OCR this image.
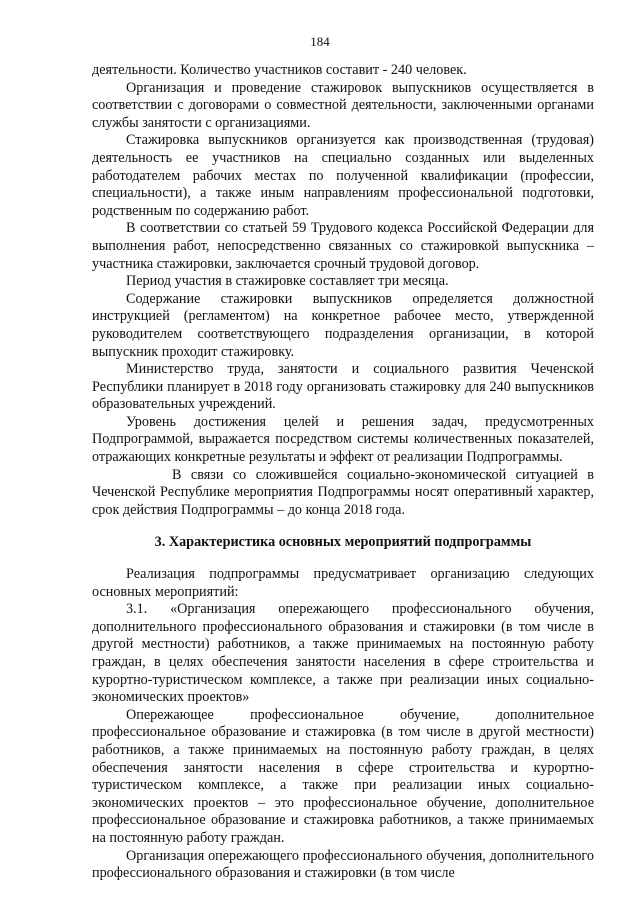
184

деятельности. Количество участников составит - 240 человек.

Организация и проведение стажировок выпускников осуществляется в соответствии с договорами о совместной деятельности, заключенными органами службы занятости с организациями.

Стажировка выпускников организуется как производственная (трудовая) деятельность ее участников на специально созданных или выделенных работодателем рабочих местах по полученной квалификации (профессии, специальности), а также иным направлениям профессиональной подготовки, родственным по содержанию работ.

В соответствии со статьей 59 Трудового кодекса Российской Федерации для выполнения работ, непосредственно связанных со стажировкой выпускника – участника стажировки, заключается срочный трудовой договор.

Период участия в стажировке составляет три месяца.

Содержание стажировки выпускников определяется должностной инструкцией (регламентом) на конкретное рабочее место, утвержденной руководителем соответствующего подразделения организации, в которой выпускник проходит стажировку.

Министерство труда, занятости и социального развития Чеченской Республики планирует в 2018 году организовать стажировку для 240 выпускников образовательных учреждений.

Уровень достижения целей и решения задач, предусмотренных Подпрограммой, выражается посредством системы количественных показателей, отражающих конкретные результаты и эффект от реализации Подпрограммы.

В связи со сложившейся социально-экономической ситуацией в Чеченской Республике мероприятия Подпрограммы носят оперативный характер, срок действия Подпрограммы – до конца 2018 года.

3. Характеристика основных мероприятий подпрограммы

Реализация подпрограммы предусматривает организацию следующих основных мероприятий:

3.1. «Организация опережающего профессионального обучения, дополнительного профессионального образования и стажировки (в том числе в другой местности) работников, а также принимаемых на постоянную работу граждан, в целях обеспечения занятости населения в сфере строительства и курортно-туристическом комплексе, а также при реализации иных социально-экономических проектов»

Опережающее профессиональное обучение, дополнительное профессиональное образование и стажировка (в том числе в другой местности) работников, а также принимаемых на постоянную работу граждан, в целях обеспечения занятости населения в сфере строительства и курортно-туристическом комплексе, а также при реализации иных социально-экономических проектов – это профессиональное обучение, дополнительное профессиональное образование и стажировка работников, а также принимаемых на постоянную работу граждан.

Организация опережающего профессионального обучения, дополнительного профессионального образования и стажировки (в том числе
